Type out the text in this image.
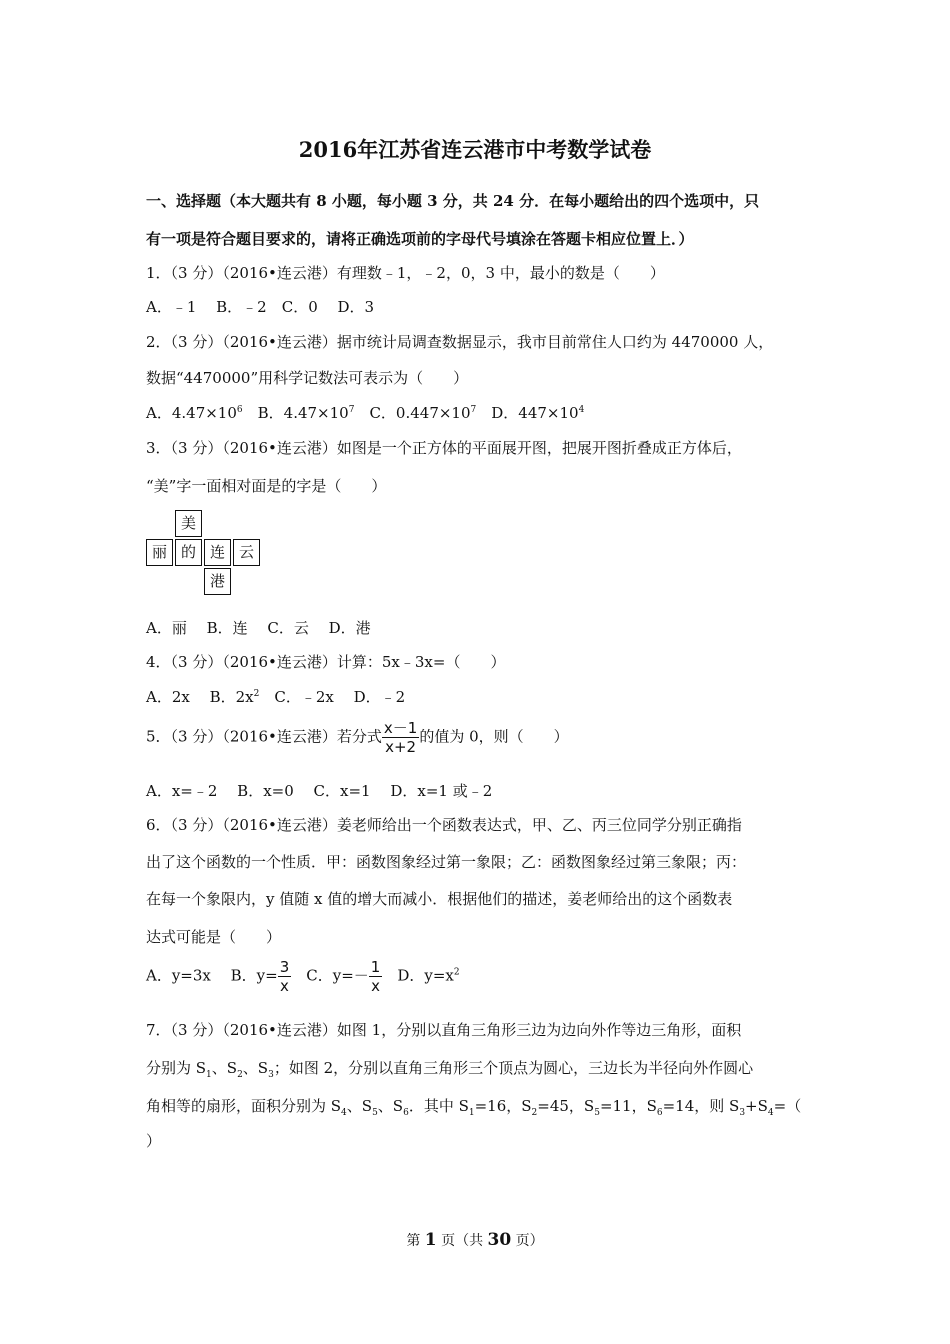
2016年江苏省连云港市中考数学试卷
一、选择题（本大题共有 8 小题，每小题 3 分，共 24 分．在每小题给出的四个选项中，只
有一项是符合题目要求的，请将正确选项前的字母代号填涂在答题卡相应位置上．）
1．（3 分）（2016•连云港）有理数﹣1，﹣2，0，3 中，最小的数是（　　）
A．﹣1　 B．﹣2　C．0　 D．3
2．（3 分）（2016•连云港）据市统计局调查数据显示，我市目前常住人口约为 4470000 人，
数据“4470000”用科学记数法可表示为（　　）
A．$4.47\times 10^6$　B．$4.47\times 10^7$　C．$0.447\times 10^7$　D．$447\times 10^4$
3．（3 分）（2016•连云港）如图是一个正方体的平面展开图，把展开图折叠成正方体后，
“美”字一面相对面是的字是（　　）
美
丽 的 连 云
港
A．丽　 B．连　 C．云　 D．港
4．（3 分）（2016•连云港）计算：5x﹣3x=（　　）
A．2x　 B．$2x^2$　C．﹣2x　 D．﹣2
5．（3 分）（2016•连云港）若分式 $\frac{x-1}{x+2}$ 的值为 0，则（　　）
A．x=﹣2　 B．x=0　 C．x=1　 D．x=1 或﹣2
6．（3 分）（2016•连云港）姜老师给出一个函数表达式，甲、乙、丙三位同学分别正确指
出了这个函数的一个性质．甲：函数图象经过第一象限；乙：函数图象经过第三象限；丙：
在每一个象限内，y 值随 x 值的增大而减小．根据他们的描述，姜老师给出的这个函数表
达式可能是（　　）
A．y=3x　 B．$y= \frac{3}{x}$ 　C．$y=- \frac{1}{x}$ 　D．$y=x^2$
7．（3 分）（2016•连云港）如图 1，分别以直角三角形三边为边向外作等边三角形，面积
分别为 $S_1$、$S_2$、$S_3$；如图 2，分别以直角三角形三个顶点为圆心，三边长为半径向外作圆心
角相等的扇形，面积分别为 $S_4$、$S_5$、$S_6$．其中 $S_1=16$，$S_2=45$，$S_5=11$，$S_6=14$，则 $S_3+S_4=$（
）
第 1 页（共 30 页）
